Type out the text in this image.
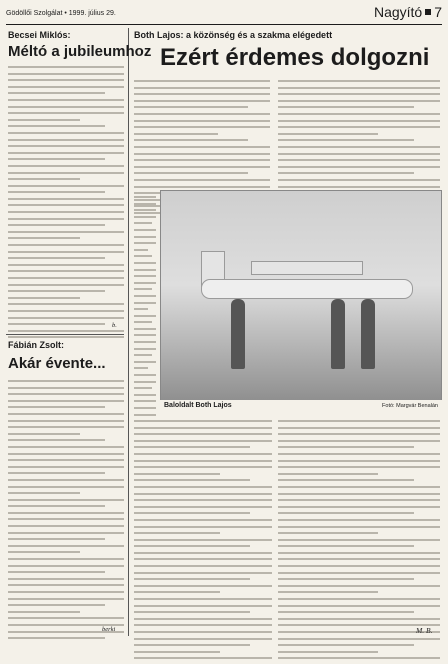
Gödöllői Szolgálat • 1999. július 29.	Nagyító 7
Becsei Miklós:
Méltó a jubileumhoz
b.
Fábián Zsolt:
Akár évente...
berki
Both Lajos: a közönség és a szakma elégedett
Ezért érdemes dolgozni
Baloldalt Both Lajos	Fotó: Margvár Benalán
M. B.
